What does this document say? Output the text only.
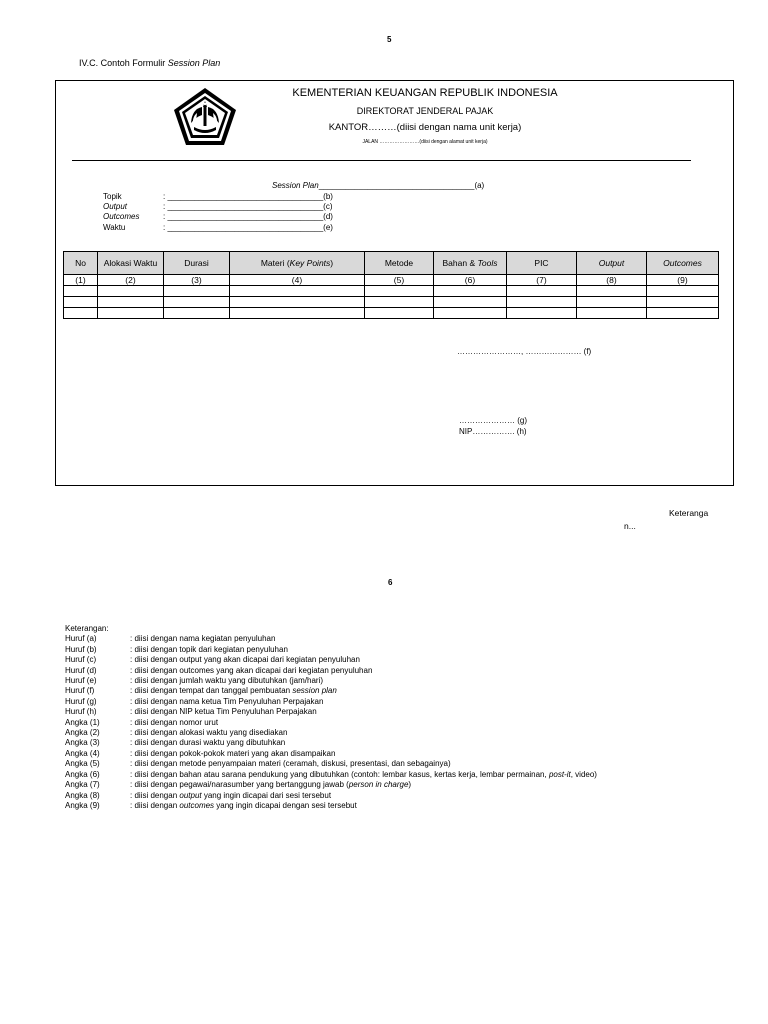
5
IV.C. Contoh Formulir Session Plan
KEMENTERIAN KEUANGAN REPUBLIK INDONESIA
DIREKTORAT JENDERAL PAJAK
KANTOR………(diisi dengan nama unit kerja)
JALAN ……………………(diisi dengan alamat unit kerja)
Session Plan___________________________________(a)
Topik	: ___________________________________(b)
Output	: ___________________________________(c)
Outcomes	: ___________________________________(d)
Waktu	: ___________________________________(e)
No	Alokasi Waktu	Durasi	Materi (Key Points)	Metode	Bahan & Tools	PIC	Output	Outcomes
(1)	(2)	(3)	(4)	(5)	(6)	(7)	(8)	(9)

……………………, ………………… (f)
………………… (g)
NIP……………. (h)
Keteranga
n...
6
Keterangan:
Huruf (a)	: diisi dengan nama kegiatan penyuluhan
Huruf (b)	: diisi dengan topik dari kegiatan penyuluhan
Huruf (c)	: diisi dengan output yang akan dicapai dari kegiatan penyuluhan
Huruf (d)	: diisi dengan outcomes yang akan dicapai dari kegiatan penyuluhan
Huruf (e)	: diisi dengan jumlah waktu yang dibutuhkan (jam/hari)
Huruf (f)	: diisi dengan tempat dan tanggal pembuatan session plan
Huruf (g)	: diisi dengan nama ketua Tim Penyuluhan Perpajakan
Huruf (h)	: diisi dengan NIP ketua Tim Penyuluhan Perpajakan
Angka (1)	: diisi dengan nomor urut
Angka (2)	: diisi dengan alokasi waktu yang disediakan
Angka (3)	: diisi dengan durasi waktu yang dibutuhkan
Angka (4)	: diisi dengan pokok-pokok materi yang akan disampaikan
Angka (5)	: diisi dengan metode penyampaian materi (ceramah, diskusi, presentasi, dan sebagainya)
Angka (6)	: diisi dengan bahan atau sarana pendukung yang dibutuhkan (contoh: lembar kasus, kertas kerja, lembar permainan, post-it, video)
Angka (7)	: diisi dengan pegawai/narasumber yang bertanggung jawab (person in charge)
Angka (8)	: diisi dengan output yang ingin dicapai dari sesi tersebut
Angka (9)	: diisi dengan outcomes yang ingin dicapai dengan sesi tersebut
